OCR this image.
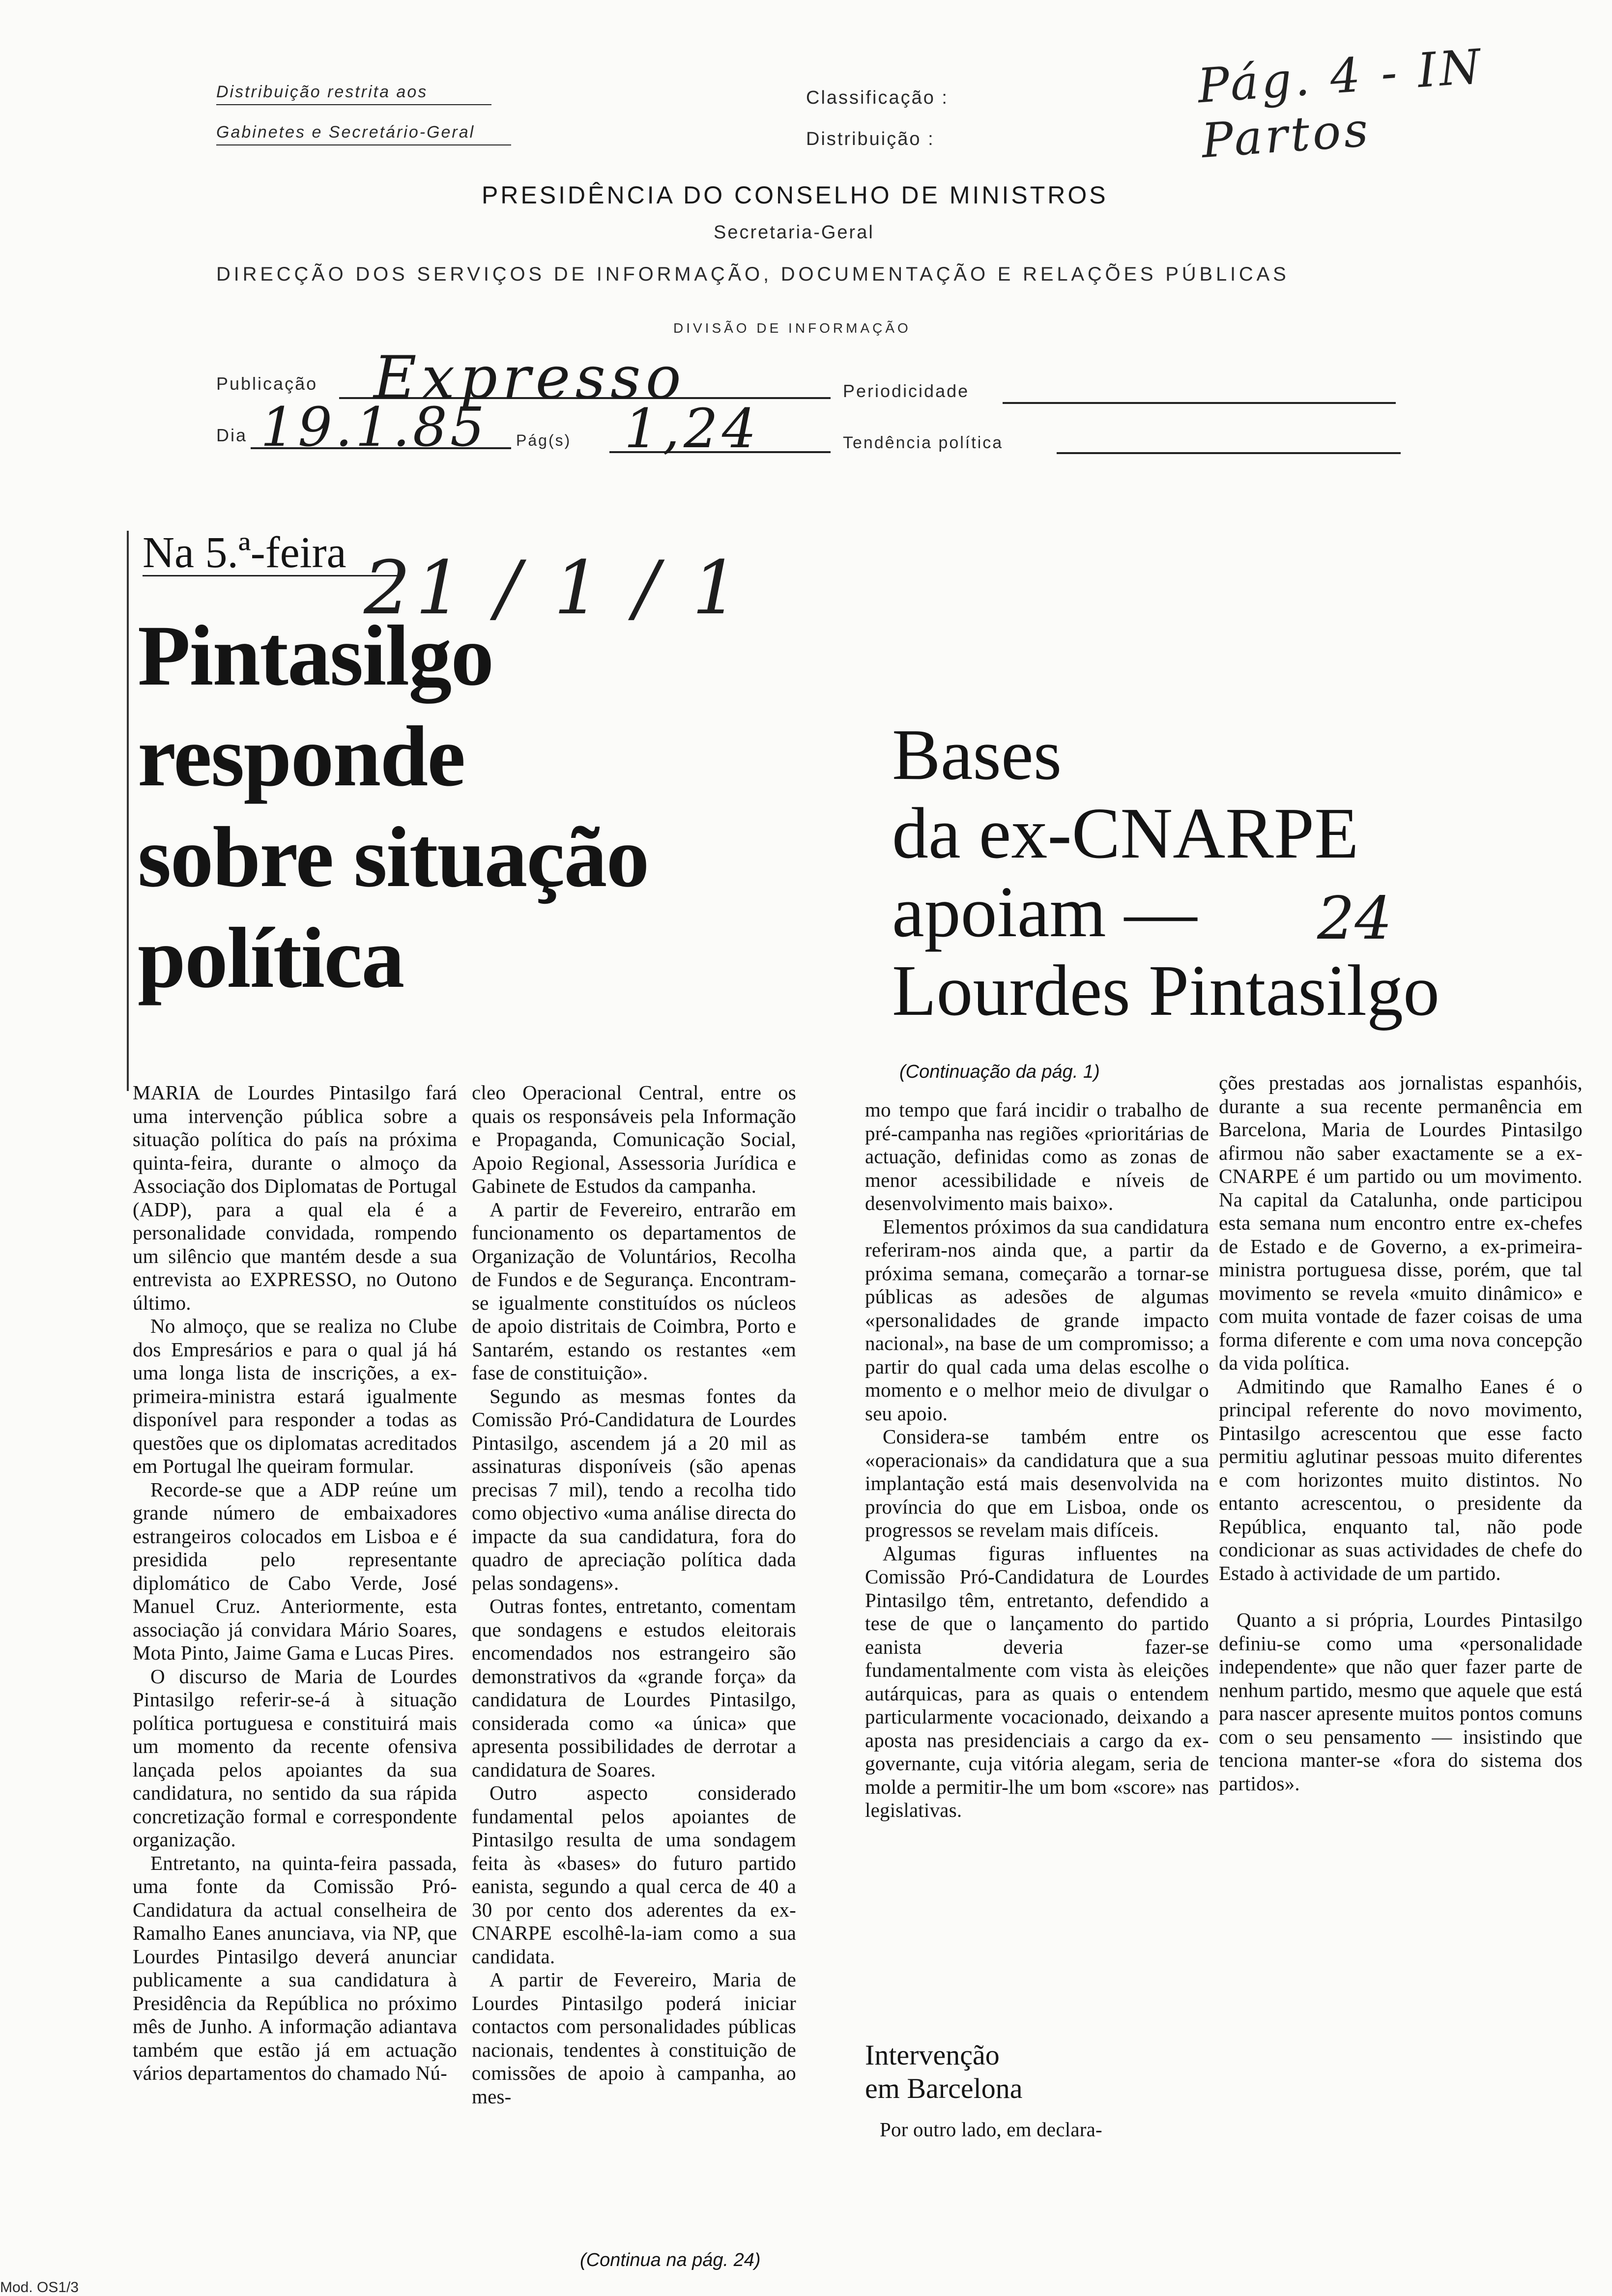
Distribuição restrita aos
Gabinetes e Secretário-Geral
Classificação :
Distribuição :
Pág. 4 - IN Partos
PRESIDÊNCIA DO CONSELHO DE MINISTROS
Secretaria-Geral
DIRECÇÃO DOS SERVIÇOS DE INFORMAÇÃO, DOCUMENTAÇÃO E RELAÇÕES PÚBLICAS
DIVISÃO DE INFORMAÇÃO
Publicação Expresso	Periodicidade
Dia 19.1.85 Pág(s) 1,24	Tendência política
Na 5.ª-feira 21 / 1 / 1
Pintasilgo
responde
sobre situação
política

MARIA de Lourdes Pintasilgo fará uma intervenção pública sobre a situação política do país na próxima quinta-feira, durante o almoço da Associação dos Diplomatas de Portugal (ADP), para a qual ela é a personalidade convidada, rompendo um silêncio que mantém desde a sua entrevista ao EXPRESSO, no Outono último.

No almoço, que se realiza no Clube dos Empresários e para o qual já há uma longa lista de inscrições, a ex-primeira-ministra estará igualmente disponível para responder a todas as questões que os diplomatas acreditados em Portugal lhe queiram formular.

Recorde-se que a ADP reúne um grande número de embaixadores estrangeiros colocados em Lisboa e é presidida pelo representante diplomático de Cabo Verde, José Manuel Cruz. Anteriormente, esta associação já convidara Mário Soares, Mota Pinto, Jaime Gama e Lucas Pires.

O discurso de Maria de Lourdes Pintasilgo referir-se-á à situação política portuguesa e constituirá mais um momento da recente ofensiva lançada pelos apoiantes da sua candidatura, no sentido da sua rápida concretização formal e correspondente organização.

Entretanto, na quinta-feira passada, uma fonte da Comissão Pró-Candidatura da actual conselheira de Ramalho Eanes anunciava, via NP, que Lourdes Pintasilgo deverá anunciar publicamente a sua candidatura à Presidência da República no próximo mês de Junho. A informação adiantava também que estão já em actuação vários departamentos do chamado Nú-

cleo Operacional Central, entre os quais os responsáveis pela Informação e Propaganda, Comunicação Social, Apoio Regional, Assessoria Jurídica e Gabinete de Estudos da campanha.

A partir de Fevereiro, entrarão em funcionamento os departamentos de Organização de Voluntários, Recolha de Fundos e de Segurança. Encontram-se igualmente constituídos os núcleos de apoio distritais de Coimbra, Porto e Santarém, estando os restantes «em fase de constituição».

Segundo as mesmas fontes da Comissão Pró-Candidatura de Lourdes Pintasilgo, ascendem já a 20 mil as assinaturas disponíveis (são apenas precisas 7 mil), tendo a recolha tido como objectivo «uma análise directa do impacte da sua candidatura, fora do quadro de apreciação política dada pelas sondagens».

Outras fontes, entretanto, comentam que sondagens e estudos eleitorais encomendados nos estrangeiro são demonstrativos da «grande força» da candidatura de Lourdes Pintasilgo, considerada como «a única» que apresenta possibilidades de derrotar a candidatura de Soares.

Outro aspecto considerado fundamental pelos apoiantes de Pintasilgo resulta de uma sondagem feita às «bases» do futuro partido eanista, segundo a qual cerca de 40 a 30 por cento dos aderentes da ex-CNARPE escolhê-la-iam como a sua candidata.

A partir de Fevereiro, Maria de Lourdes Pintasilgo poderá iniciar contactos com personalidades públicas nacionais, tendentes à constituição de comissões de apoio à campanha, ao mes-

(Continua na pág. 24)
Bases
da ex-CNARPE
apoiam — 24
Lourdes Pintasilgo
(Continuação da pág. 1)

mo tempo que fará incidir o trabalho de pré-campanha nas regiões «prioritárias de actuação, definidas como as zonas de menor acessibilidade e níveis de desenvolvimento mais baixo».

Elementos próximos da sua candidatura referiram-nos ainda que, a partir da próxima semana, começarão a tornar-se públicas as adesões de algumas «personalidades de grande impacto nacional», na base de um compromisso; a partir do qual cada uma delas escolhe o momento e o melhor meio de divulgar o seu apoio.

Considera-se também entre os «operacionais» da candidatura que a sua implantação está mais desenvolvida na província do que em Lisboa, onde os progressos se revelam mais difíceis.

Algumas figuras influentes na Comissão Pró-Candidatura de Lourdes Pintasilgo têm, entretanto, defendido a tese de que o lançamento do partido eanista deveria fazer-se fundamentalmente com vista às eleições autárquicas, para as quais o entendem particularmente vocacionado, deixando a aposta nas presidenciais a cargo da ex-governante, cuja vitória alegam, seria de molde a permitir-lhe um bom «score» nas legislativas.

Intervenção
em Barcelona
Por outro lado, em declara-

ções prestadas aos jornalistas espanhóis, durante a sua recente permanência em Barcelona, Maria de Lourdes Pintasilgo afirmou não saber exactamente se a ex-CNARPE é um partido ou um movimento. Na capital da Catalunha, onde participou esta semana num encontro entre ex-chefes de Estado e de Governo, a ex-primeira-ministra portuguesa disse, porém, que tal movimento se revela «muito dinâmico» e com muita vontade de fazer coisas de uma forma diferente e com uma nova concepção da vida política.

Admitindo que Ramalho Eanes é o principal referente do novo movimento, Pintasilgo acrescentou que esse facto permitiu aglutinar pessoas muito diferentes e com horizontes muito distintos. No entanto acrescentou, o presidente da República, enquanto tal, não pode condicionar as suas actividades de chefe do Estado à actividade de um partido.

Quanto a si própria, Lourdes Pintasilgo definiu-se como uma «personalidade independente» que não quer fazer parte de nenhum partido, mesmo que aquele que está para nascer apresente muitos pontos comuns com o seu pensamento — insistindo que tenciona manter-se «fora do sistema dos partidos».

Mod. OS1/3
